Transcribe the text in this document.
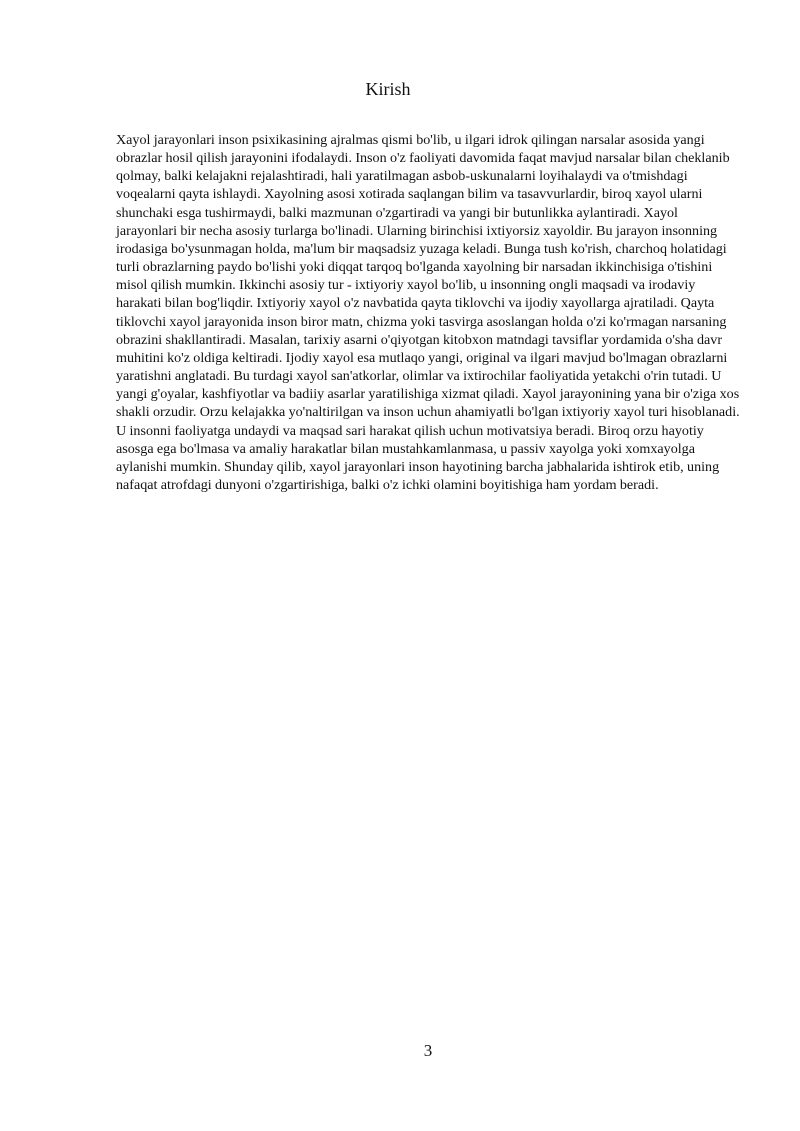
Kirish

Xayol jarayonlari inson psixikasining ajralmas qismi bo'lib, u ilgari idrok qilingan narsalar asosida yangi obrazlar hosil qilish jarayonini ifodalaydi. Inson o'z faoliyati davomida faqat mavjud narsalar bilan cheklanib qolmay, balki kelajakni rejalashtiradi, hali yaratilmagan asbob-uskunalarni loyihalaydi va o'tmishdagi voqealarni qayta ishlaydi. Xayolning asosi xotirada saqlangan bilim va tasavvurlardir, biroq xayol ularni shunchaki esga tushirmaydi, balki mazmunan o'zgartiradi va yangi bir butunlikka aylantiradi. Xayol jarayonlari bir necha asosiy turlarga bo'linadi. Ularning birinchisi ixtiyorsiz xayoldir. Bu jarayon insonning irodasiga bo'ysunmagan holda, ma'lum bir maqsadsiz yuzaga keladi. Bunga tush ko'rish, charchoq holatidagi turli obrazlarning paydo bo'lishi yoki diqqat tarqoq bo'lganda xayolning bir narsadan ikkinchisiga o'tishini misol qilish mumkin. Ikkinchi asosiy tur - ixtiyoriy xayol bo'lib, u insonning ongli maqsadi va irodaviy harakati bilan bog'liqdir. Ixtiyoriy xayol o'z navbatida qayta tiklovchi va ijodiy xayollarga ajratiladi. Qayta tiklovchi xayol jarayonida inson biror matn, chizma yoki tasvirga asoslangan holda o'zi ko'rmagan narsaning obrazini shakllantiradi. Masalan, tarixiy asarni o'qiyotgan kitobxon matndagi tavsiflar yordamida o'sha davr muhitini ko'z oldiga keltiradi. Ijodiy xayol esa mutlaqo yangi, original va ilgari mavjud bo'lmagan obrazlarni yaratishni anglatadi. Bu turdagi xayol san'atkorlar, olimlar va ixtirochilar faoliyatida yetakchi o'rin tutadi. U yangi g'oyalar, kashfiyotlar va badiiy asarlar yaratilishiga xizmat qiladi. Xayol jarayonining yana bir o'ziga xos shakli orzudir. Orzu kelajakka yo'naltirilgan va inson uchun ahamiyatli bo'lgan ixtiyoriy xayol turi hisoblanadi. U insonni faoliyatga undaydi va maqsad sari harakat qilish uchun motivatsiya beradi. Biroq orzu hayotiy asosga ega bo'lmasa va amaliy harakatlar bilan mustahkamlanmasa, u passiv xayolga yoki xomxayolga aylanishi mumkin. Shunday qilib, xayol jarayonlari inson hayotining barcha jabhalarida ishtirok etib, uning nafaqat atrofdagi dunyoni o'zgartirishiga, balki o'z ichki olamini boyitishiga ham yordam beradi.

3
